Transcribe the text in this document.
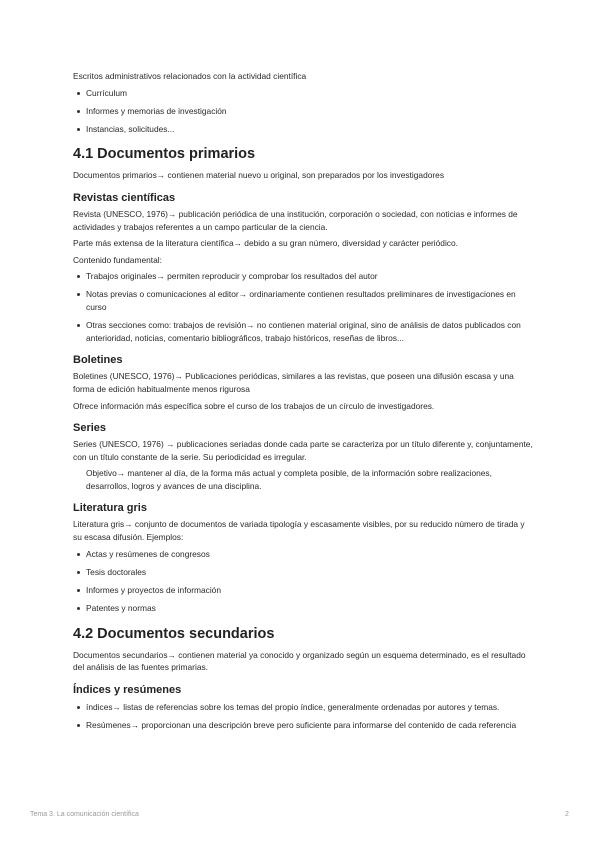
Escritos administrativos relacionados con la actividad científica

Currículum
Informes y memorias de investigación
Instancias, solicitudes...
4.1 Documentos primarios

Documentos primarios→ contienen material nuevo u original, son preparados por los investigadores

Revistas científicas

Revista (UNESCO, 1976)→ publicación periódica de una institución, corporación o sociedad, con noticias e informes de actividades y trabajos referentes a un campo particular de la ciencia.

Parte más extensa de la literatura científica→ debido a su gran número, diversidad y carácter periódico.

Contenido fundamental:

Trabajos originales→ permiten reproducir y comprobar los resultados del autor
Notas previas o comunicaciones al editor→ ordinariamente contienen resultados preliminares de investigaciones en curso
Otras secciones como: trabajos de revisión→ no contienen material original, sino de análisis de datos publicados con anterioridad, noticias, comentario bibliográficos, trabajo históricos, reseñas de libros...
Boletines

Boletines (UNESCO, 1976)→ Publicaciones periódicas, similares a las revistas, que poseen una difusión escasa y una forma de edición habitualmente menos rigurosa

Ofrece información más específica sobre el curso de los trabajos de un círculo de investigadores.

Series

Series (UNESCO, 1976) → publicaciones seriadas donde cada parte se caracteriza por un título diferente y, conjuntamente, con un título constante de la serie. Su periodicidad es irregular.

Objetivo→ mantener al día, de la forma más actual y completa posible, de la información sobre realizaciones, desarrollos, logros y avances de una disciplina.

Literatura gris

Literatura gris→ conjunto de documentos de variada tipología y escasamente visibles, por su reducido número de tirada y su escasa difusión. Ejemplos:

Actas y resúmenes de congresos
Tesis doctorales
Informes y proyectos de información
Patentes y normas
4.2 Documentos secundarios

Documentos secundarios→ contienen material ya conocido y organizado según un esquema determinado, es el resultado del análisis de las fuentes primarias.

Índices y resúmenes
índices→ listas de referencias sobre los temas del propio índice, generalmente ordenadas por autores y temas.
Resúmenes→ proporcionan una descripción breve pero suficiente para informarse del contenido de cada referencia
Tema 3. La comunicación científica	2
